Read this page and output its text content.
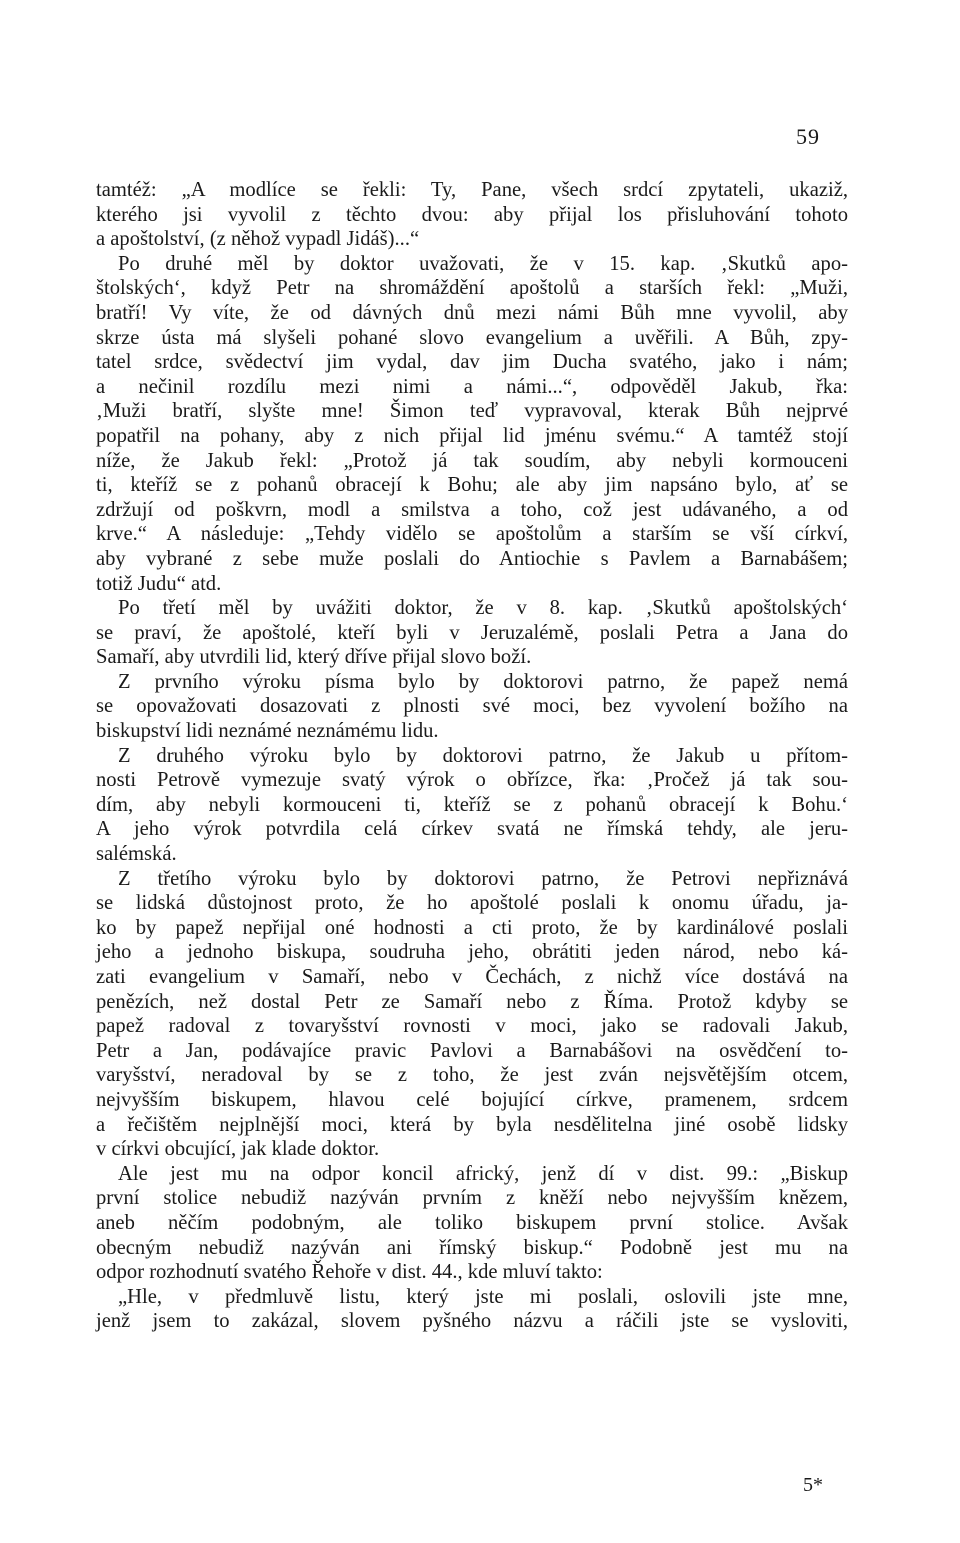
59
tamtéž: „A modlíce se řekli: Ty, Pane, všech srdcí zpytateli, ukaziž,
kterého jsi vyvolil z těchto dvou: aby přijal los přisluhování tohoto
a apoštolství, (z něhož vypadl Jidáš)...“
Po druhé měl by doktor uvažovati, že v 15. kap. ‚Skutků apo-
štolských‘, když Petr na shromáždění apoštolů a starších řekl: „Muži,
bratří! Vy víte, že od dávných dnů mezi námi Bůh mne vyvolil, aby
skrze ústa má slyšeli pohané slovo evangelium a uvěřili. A Bůh, zpy-
tatel srdce, svědectví jim vydal, dav jim Ducha svatého, jako i nám;
a nečinil rozdílu mezi nimi a námi...“, odpověděl Jakub, řka:
‚Muži bratří, slyšte mne! Šimon teď vypravoval, kterak Bůh nejprvé
popatřil na pohany, aby z nich přijal lid jménu svému.“ A tamtéž stojí
níže, že Jakub řekl: „Protož já tak soudím, aby nebyli kormouceni
ti, kteříž se z pohanů obracejí k Bohu; ale aby jim napsáno bylo, ať se
zdržují od poškvrn, modl a smilstva a toho, což jest udávaného, a od
krve.“ A následuje: „Tehdy vidělo se apoštolům a starším se vší církví,
aby vybrané z sebe muže poslali do Antiochie s Pavlem a Barnabášem;
totiž Judu“ atd.
Po třetí měl by uvážiti doktor, že v 8. kap. ‚Skutků apoštolských‘
se praví, že apoštolé, kteří byli v Jeruzalémě, poslali Petra a Jana do
Samaří, aby utvrdili lid, který dříve přijal slovo boží.
Z prvního výroku písma bylo by doktorovi patrno, že papež nemá
se opovažovati dosazovati z plnosti své moci, bez vyvolení božího na
biskupství lidi neznámé neznámému lidu.
Z druhého výroku bylo by doktorovi patrno, že Jakub u přítom-
nosti Petrově vymezuje svatý výrok o obřízce, řka: ‚Pročež já tak sou-
dím, aby nebyli kormouceni ti, kteříž se z pohanů obracejí k Bohu.‘
A jeho výrok potvrdila celá církev svatá ne římská tehdy, ale jeru-
salémská.
Z třetího výroku bylo by doktorovi patrno, že Petrovi nepřiznává
se lidská důstojnost proto, že ho apoštolé poslali k onomu úřadu, ja-
ko by papež nepřijal oné hodnosti a cti proto, že by kardinálové poslali
jeho a jednoho biskupa, soudruha jeho, obrátiti jeden národ, nebo ká-
zati evangelium v Samaří, nebo v Čechách, z nichž více dostává na
penězích, než dostal Petr ze Samaří nebo z Říma. Protož kdyby se
papež radoval z tovaryšství rovnosti v moci, jako se radovali Jakub,
Petr a Jan, podávajíce pravic Pavlovi a Barnabášovi na osvědčení to-
varyšství, neradoval by se z toho, že jest zván nejsvětějším otcem,
nejvyšším biskupem, hlavou celé bojující církve, pramenem, srdcem
a řečištěm nejplnější moci, která by byla nesdělitelna jiné osobě lidsky
v církvi obcující, jak klade doktor.
Ale jest mu na odpor koncil africký, jenž dí v dist. 99.: „Biskup
první stolice nebudiž nazýván prvním z kněží nebo nejvyšším knězem,
aneb něčím podobným, ale toliko biskupem první stolice. Avšak
obecným nebudiž nazýván ani římský biskup.“ Podobně jest mu na
odpor rozhodnutí svatého Řehoře v dist. 44., kde mluví takto:
„Hle, v předmluvě listu, který jste mi poslali, oslovili jste mne,
jenž jsem to zakázal, slovem pyšného názvu a ráčili jste se vysloviti,
5*
